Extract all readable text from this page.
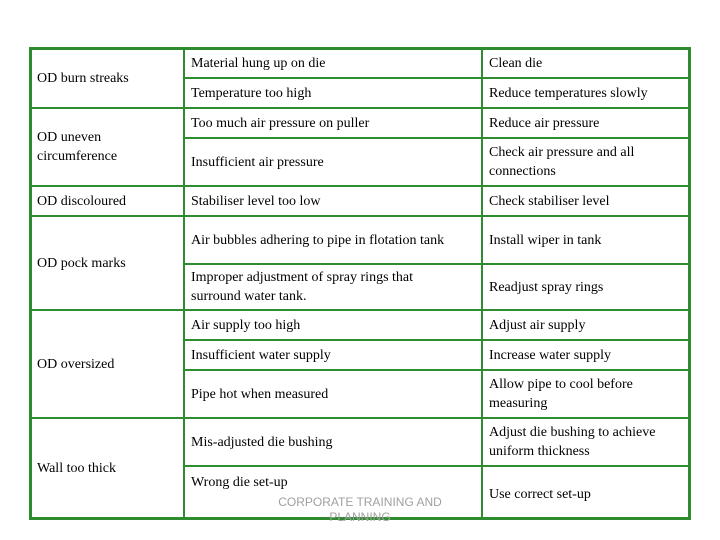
OD burn streaks
OD uneven circumference
OD discoloured
OD pock marks
OD oversized
Wall too thick
Material hung up on die
Temperature too high
Too much air pressure on puller
Insufficient air pressure
Stabiliser level too low
Air bubbles adhering to pipe in flotation tank
Improper adjustment of spray rings that surround water tank.
Air supply too high
Insufficient water supply
Pipe hot when measured
Mis-adjusted die bushing
Wrong die set-up
Clean die
Reduce temperatures slowly
Reduce air pressure
Check air pressure and all connections
Check stabiliser level
Install wiper in tank
Readjust spray rings
Adjust air supply
Increase water supply
Allow pipe to cool before measuring
Adjust die bushing to achieve uniform thickness
Use correct set-up
CORPORATE TRAINING AND
PLANNING
